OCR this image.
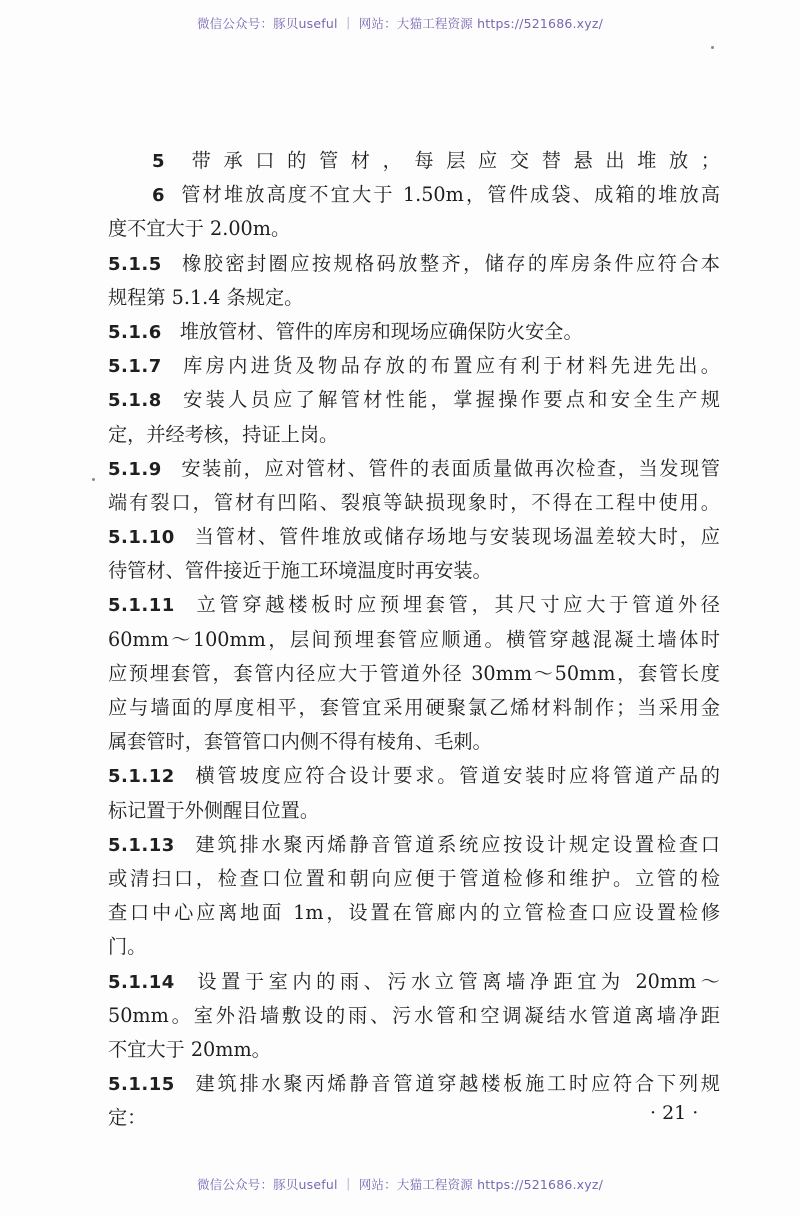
微信公众号：豚贝useful ｜ 网站：大猫工程资源 https://521686.xyz/
5 带承口的管材，每层应交替悬出堆放；
6 管材堆放高度不宜大于 1.50m，管件成袋、成箱的堆放高
度不宜大于 2.00m。
5.1.5 橡胶密封圈应按规格码放整齐，储存的库房条件应符合本
规程第 5.1.4 条规定。
5.1.6 堆放管材、管件的库房和现场应确保防火安全。
5.1.7 库房内进货及物品存放的布置应有利于材料先进先出。
5.1.8 安装人员应了解管材性能，掌握操作要点和安全生产规
定，并经考核，持证上岗。
5.1.9 安装前，应对管材、管件的表面质量做再次检查，当发现管
端有裂口，管材有凹陷、裂痕等缺损现象时，不得在工程中使用。
5.1.10 当管材、管件堆放或储存场地与安装现场温差较大时，应
待管材、管件接近于施工环境温度时再安装。
5.1.11 立管穿越楼板时应预埋套管，其尺寸应大于管道外径
60mm～100mm，层间预埋套管应顺通。横管穿越混凝土墙体时
应预埋套管，套管内径应大于管道外径 30mm～50mm，套管长度
应与墙面的厚度相平，套管宜采用硬聚氯乙烯材料制作；当采用金
属套管时，套管管口内侧不得有棱角、毛刺。
5.1.12 横管坡度应符合设计要求。管道安装时应将管道产品的
标记置于外侧醒目位置。
5.1.13 建筑排水聚丙烯静音管道系统应按设计规定设置检查口
或清扫口，检查口位置和朝向应便于管道检修和维护。立管的检
查口中心应离地面 1m，设置在管廊内的立管检查口应设置检修
门。
5.1.14 设置于室内的雨、污水立管离墙净距宜为 20mm～
50mm。室外沿墙敷设的雨、污水管和空调凝结水管道离墙净距
不宜大于 20mm。
5.1.15 建筑排水聚丙烯静音管道穿越楼板施工时应符合下列规
定：	· 21 ·
微信公众号：豚贝useful ｜ 网站：大猫工程资源 https://521686.xyz/
